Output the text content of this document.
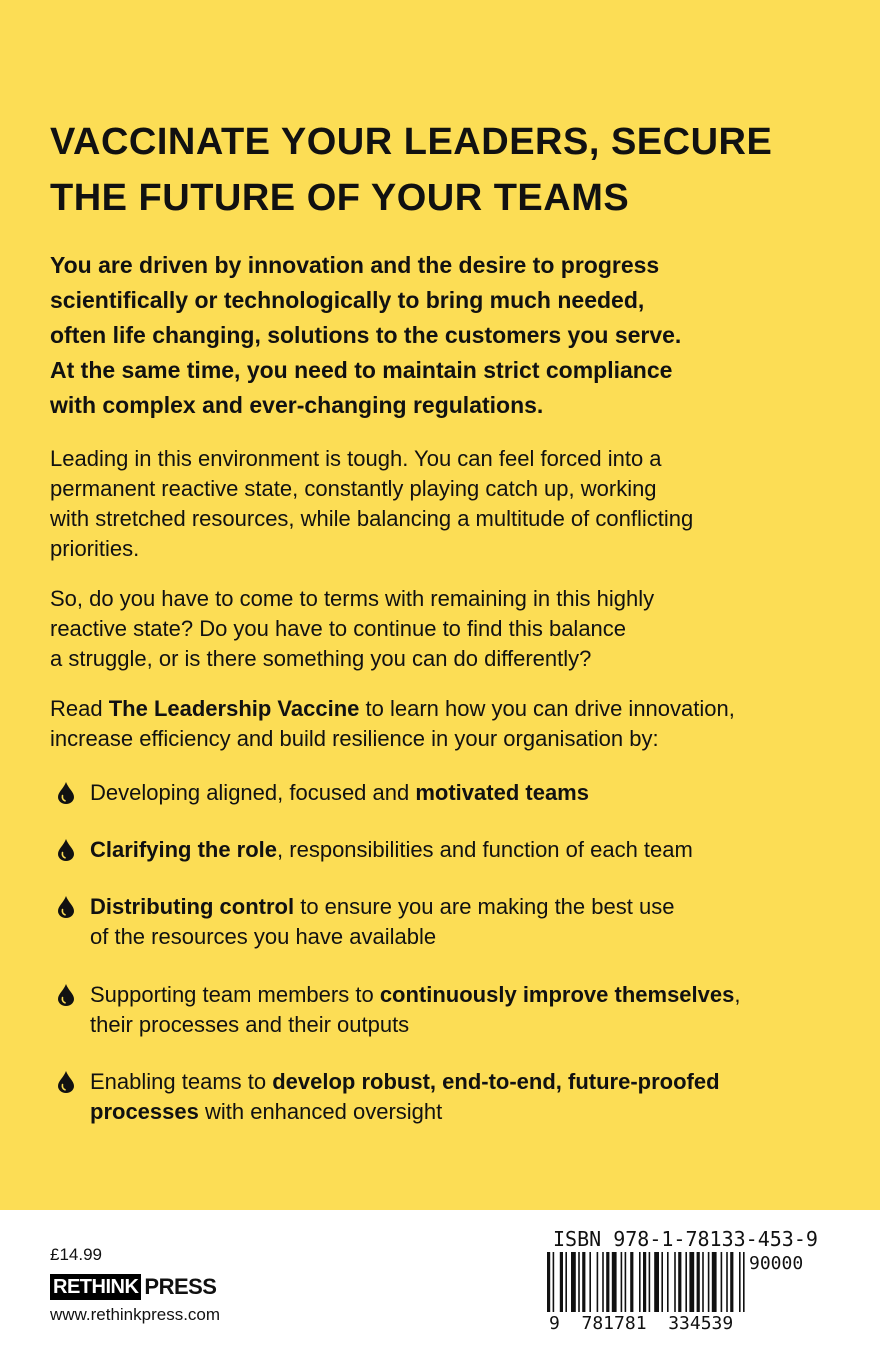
VACCINATE YOUR LEADERS, SECURE
THE FUTURE OF YOUR TEAMS

You are driven by innovation and the desire to progress
scientifically or technologically to bring much needed,
often life changing, solutions to the customers you serve.
At the same time, you need to maintain strict compliance
with complex and ever-changing regulations.

Leading in this environment is tough. You can feel forced into a
permanent reactive state, constantly playing catch up, working
with stretched resources, while balancing a multitude of conflicting
priorities.

So, do you have to come to terms with remaining in this highly
reactive state? Do you have to continue to find this balance
a struggle, or is there something you can do differently?

Read The Leadership Vaccine to learn how you can drive innovation,
increase efficiency and build resilience in your organisation by:

Developing aligned, focused and motivated teams

Clarifying the role, responsibilities and function of each team

Distributing control to ensure you are making the best use
of the resources you have available

Supporting team members to continuously improve themselves,
their processes and their outputs

Enabling teams to develop robust, end-to-end, future-proofed
processes with enhanced oversight

£14.99
RETHINK PRESS
www.rethinkpress.com
ISBN 978-1-78133-453-9
90000
9  781781  334539
